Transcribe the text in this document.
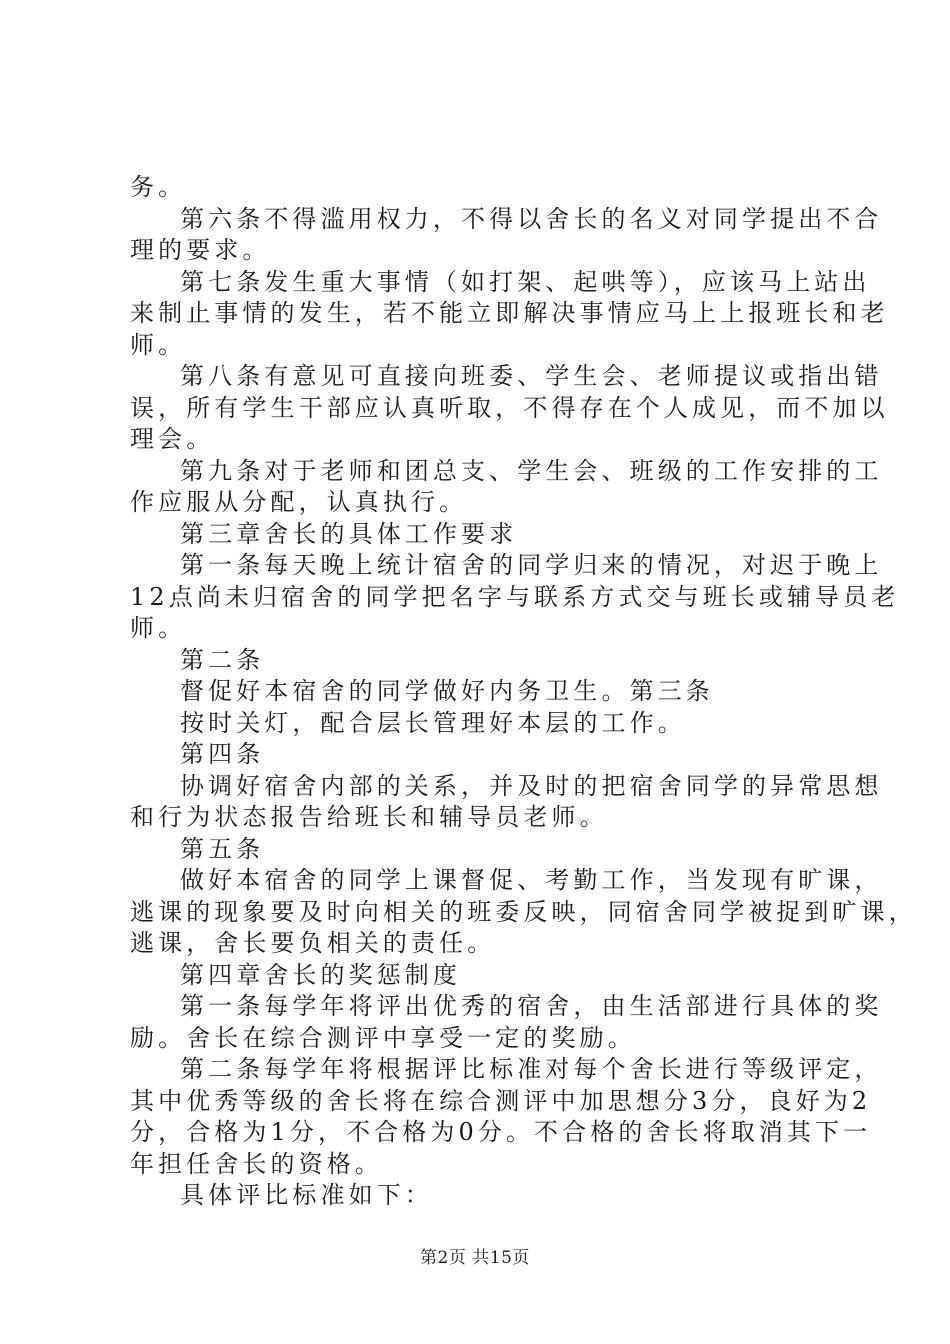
务。
第六条不得滥用权力，不得以舍长的名义对同学提出不合
理的要求。
第七条发生重大事情（如打架、起哄等），应该马上站出
来制止事情的发生，若不能立即解决事情应马上上报班长和老
师。
第八条有意见可直接向班委、学生会、老师提议或指出错
误，所有学生干部应认真听取，不得存在个人成见，而不加以
理会。
第九条对于老师和团总支、学生会、班级的工作安排的工
作应服从分配，认真执行。
第三章舍长的具体工作要求
第一条每天晚上统计宿舍的同学归来的情况，对迟于晚上
12点尚未归宿舍的同学把名字与联系方式交与班长或辅导员老
师。
第二条
督促好本宿舍的同学做好内务卫生。第三条
按时关灯，配合层长管理好本层的工作。
第四条
协调好宿舍内部的关系，并及时的把宿舍同学的异常思想
和行为状态报告给班长和辅导员老师。
第五条
做好本宿舍的同学上课督促、考勤工作，当发现有旷课，
逃课的现象要及时向相关的班委反映，同宿舍同学被捉到旷课，
逃课，舍长要负相关的责任。
第四章舍长的奖惩制度
第一条每学年将评出优秀的宿舍，由生活部进行具体的奖
励。舍长在综合测评中享受一定的奖励。
第二条每学年将根据评比标准对每个舍长进行等级评定，
其中优秀等级的舍长将在综合测评中加思想分3分，良好为2
分，合格为1分，不合格为0分。不合格的舍长将取消其下一
年担任舍长的资格。
具体评比标准如下：
第2页 共15页
